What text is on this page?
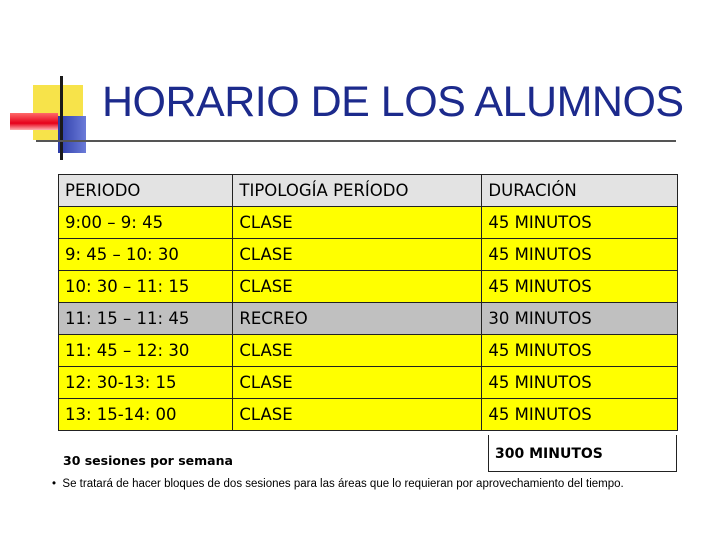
HORARIO DE LOS ALUMNOS
PERIODO	TIPOLOGÍA PERÍODO	DURACIÓN
9:00 – 9: 45	CLASE	45 MINUTOS
9: 45 – 10: 30	CLASE	45 MINUTOS
10: 30 – 11: 15	CLASE	45 MINUTOS
11: 15 – 11: 45	RECREO	30 MINUTOS
11: 45 – 12: 30	CLASE	45 MINUTOS
12: 30-13: 15	CLASE	45 MINUTOS
13: 15-14: 00	CLASE	45 MINUTOS
30 sesiones por semana	300 MINUTOS
•  Se tratará de hacer bloques de dos sesiones para las áreas que lo requieran por aprovechamiento del tiempo.
